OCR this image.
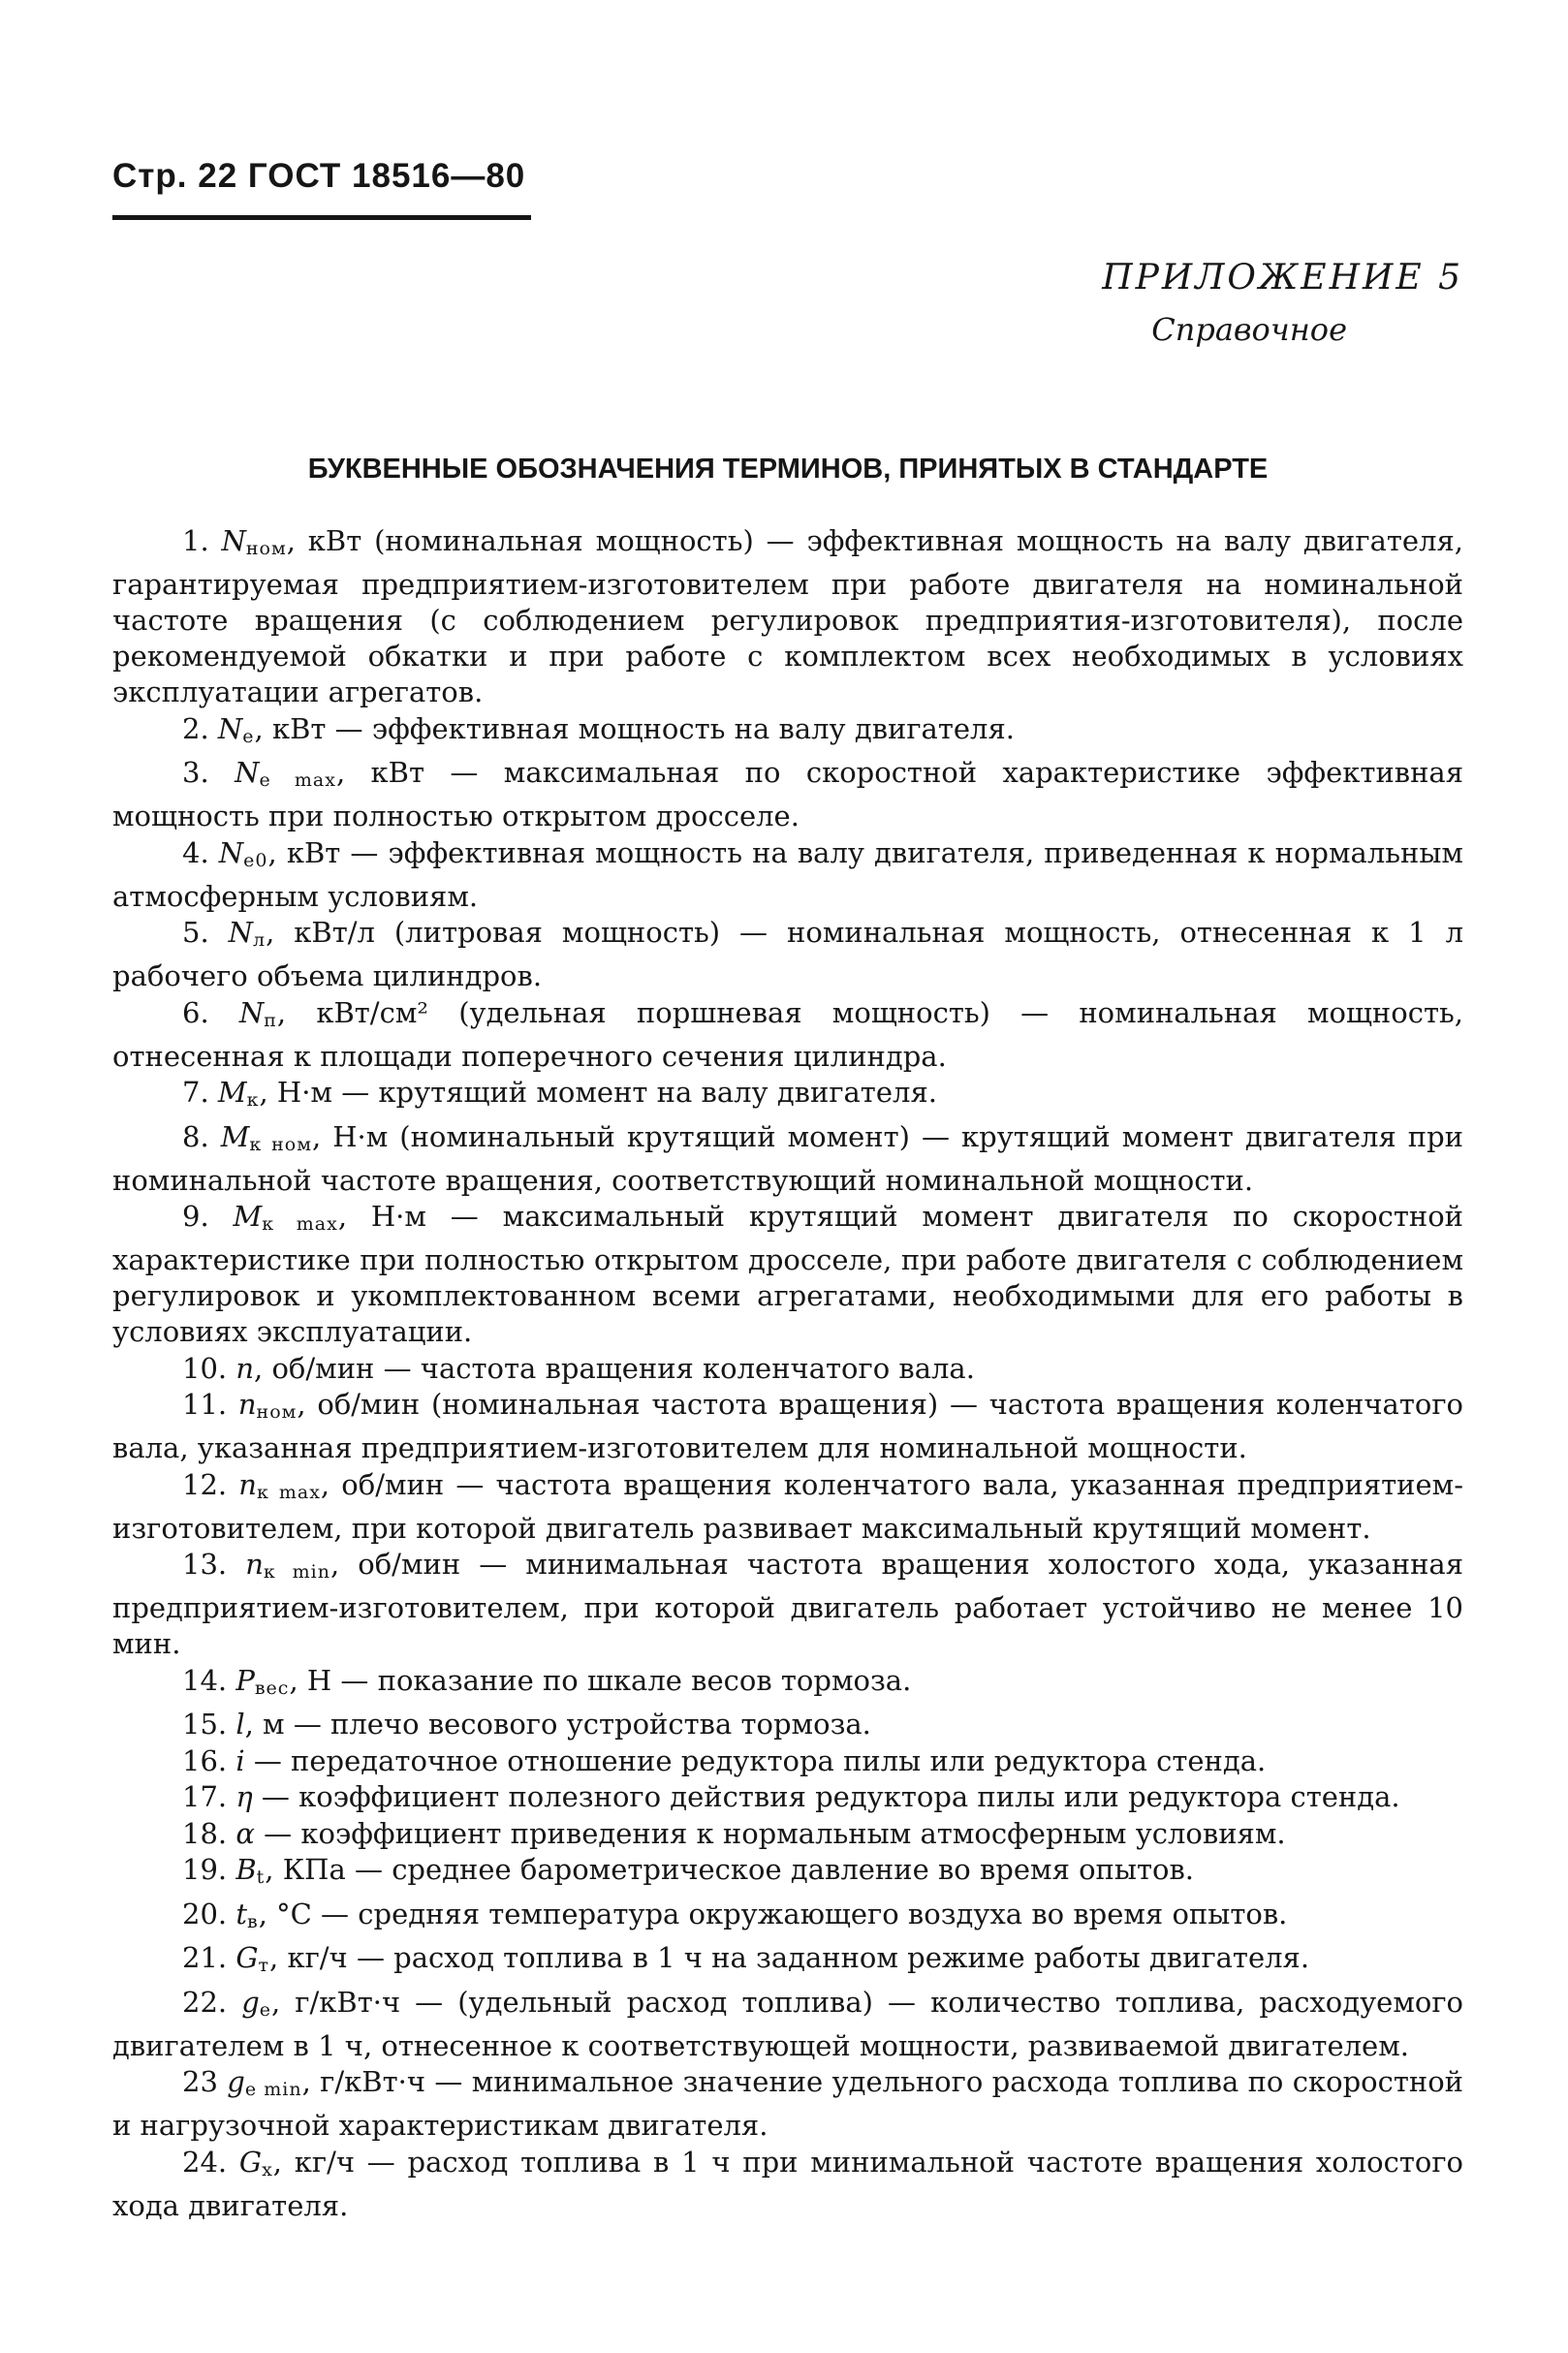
Стр. 22 ГОСТ 18516—80
ПРИЛОЖЕНИЕ 5
Справочное
БУКВЕННЫЕ ОБОЗНАЧЕНИЯ ТЕРМИНОВ, ПРИНЯТЫХ В СТАНДАРТЕ

1. $N_{ном}$, кВт (номинальная мощность) — эффективная мощность на валу двигателя, гарантируемая предприятием-изготовителем при работе двигателя на номинальной частоте вращения (с соблюдением регулировок предприятия-изготовителя), после рекомендуемой обкатки и при работе с комплектом всех необходимых в условиях эксплуатации агрегатов.

2. $N_e$, кВт — эффективная мощность на валу двигателя.

3. $N_{e max}$, кВт — максимальная по скоростной характеристике эффективная мощность при полностью открытом дросселе.

4. $N_{e0}$, кВт — эффективная мощность на валу двигателя, приведенная к нормальным атмосферным условиям.

5. $N_л$, кВт/л (литровая мощность) — номинальная мощность, отнесенная к 1 л рабочего объема цилиндров.

6. $N_п$, кВт/см² (удельная поршневая мощность) — номинальная мощность, отнесенная к площади поперечного сечения цилиндра.

7. $M_к$, Н·м — крутящий момент на валу двигателя.

8. $M_{к ном}$, Н·м (номинальный крутящий момент) — крутящий момент двигателя при номинальной частоте вращения, соответствующий номинальной мощности.

9. $M_{к max}$, Н·м — максимальный крутящий момент двигателя по скоростной характеристике при полностью открытом дросселе, при работе двигателя с соблюдением регулировок и укомплектованном всеми агрегатами, необходимыми для его работы в условиях эксплуатации.

10. n, об/мин — частота вращения коленчатого вала.

11. $n_{ном}$, об/мин (номинальная частота вращения) — частота вращения коленчатого вала, указанная предприятием-изготовителем для номинальной мощности.

12. $n_{к max}$, об/мин — частота вращения коленчатого вала, указанная предприятием-изготовителем, при которой двигатель развивает максимальный крутящий момент.

13. $n_{к min}$, об/мин — минимальная частота вращения холостого хода, указанная предприятием-изготовителем, при которой двигатель работает устойчиво не менее 10 мин.

14. $P_{вес}$, Н — показание по шкале весов тормоза.

15. l, м — плечо весового устройства тормоза.

16. i — передаточное отношение редуктора пилы или редуктора стенда.

17. η — коэффициент полезного действия редуктора пилы или редуктора стенда.

18. α — коэффициент приведения к нормальным атмосферным условиям.

19. $B_t$, КПа — среднее барометрическое давление во время опытов.

20. $t_в$, °С — средняя температура окружающего воздуха во время опытов.

21. $G_т$, кг/ч — расход топлива в 1 ч на заданном режиме работы двигателя.

22. $g_e$, г/кВт·ч — (удельный расход топлива) — количество топлива, расходуемого двигателем в 1 ч, отнесенное к соответствующей мощности, развиваемой двигателем.

23 $g_{e min}$, г/кВт·ч — минимальное значение удельного расхода топлива по скоростной и нагрузочной характеристикам двигателя.

24. $G_x$, кг/ч — расход топлива в 1 ч при минимальной частоте вращения холостого хода двигателя.
